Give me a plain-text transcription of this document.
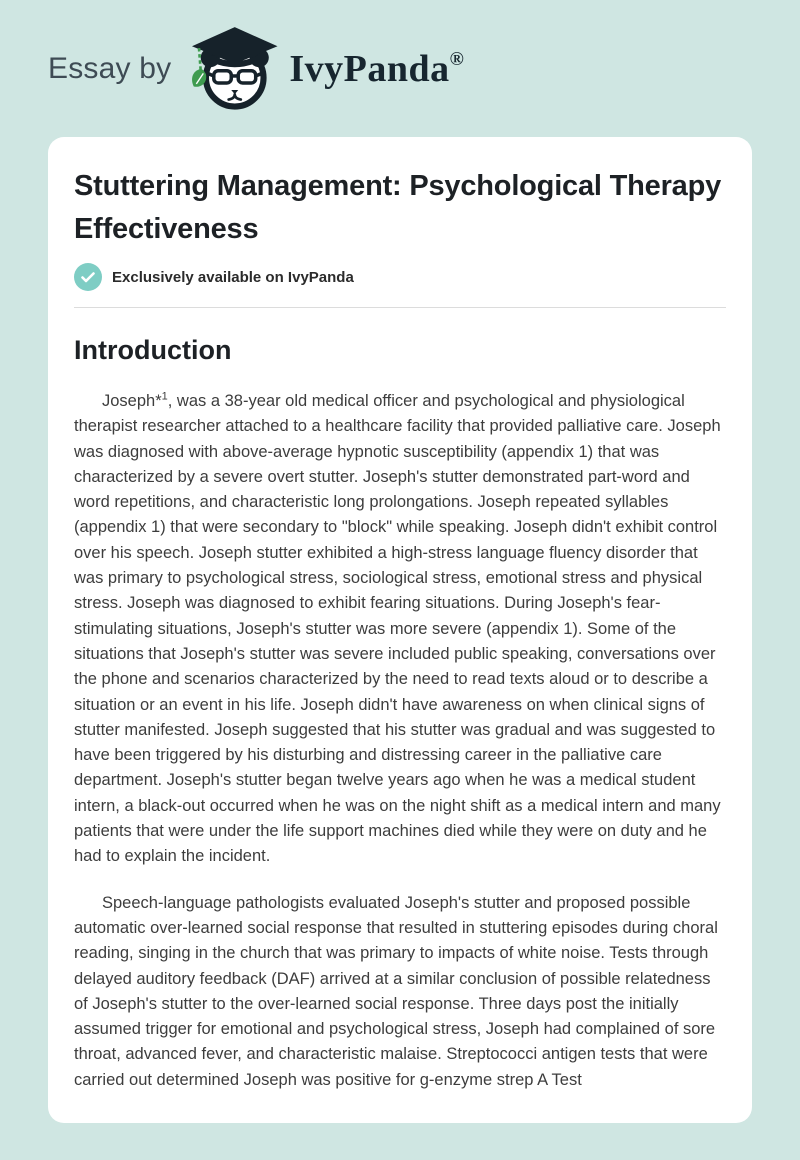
Essay by	IvyPanda®
Stuttering Management: Psychological Therapy Effectiveness
Exclusively available on IvyPanda
Introduction

Joseph*$^1$, was a 38-year old medical officer and psychological and physiological therapist researcher attached to a healthcare facility that provided palliative care. Joseph was diagnosed with above-average hypnotic susceptibility (appendix 1) that was characterized by a severe overt stutter. Joseph's stutter demonstrated part-word and word repetitions, and characteristic long prolongations. Joseph repeated syllables (appendix 1) that were secondary to "block" while speaking. Joseph didn't exhibit control over his speech. Joseph stutter exhibited a high-stress language fluency disorder that was primary to psychological stress, sociological stress, emotional stress and physical stress. Joseph was diagnosed to exhibit fearing situations. During Joseph's fear-stimulating situations, Joseph's stutter was more severe (appendix 1). Some of the situations that Joseph's stutter was severe included public speaking, conversations over the phone and scenarios characterized by the need to read texts aloud or to describe a situation or an event in his life. Joseph didn't have awareness on when clinical signs of stutter manifested. Joseph suggested that his stutter was gradual and was suggested to have been triggered by his disturbing and distressing career in the palliative care department. Joseph's stutter began twelve years ago when he was a medical student intern, a black-out occurred when he was on the night shift as a medical intern and many patients that were under the life support machines died while they were on duty and he had to explain the incident.

Speech-language pathologists evaluated Joseph's stutter and proposed possible automatic over-learned social response that resulted in stuttering episodes during choral reading, singing in the church that was primary to impacts of white noise. Tests through delayed auditory feedback (DAF) arrived at a similar conclusion of possible relatedness of Joseph's stutter to the over-learned social response. Three days post the initially assumed trigger for emotional and psychological stress, Joseph had complained of sore throat, advanced fever, and characteristic malaise. Streptococci antigen tests that were carried out determined Joseph was positive for g-enzyme strep A Test
